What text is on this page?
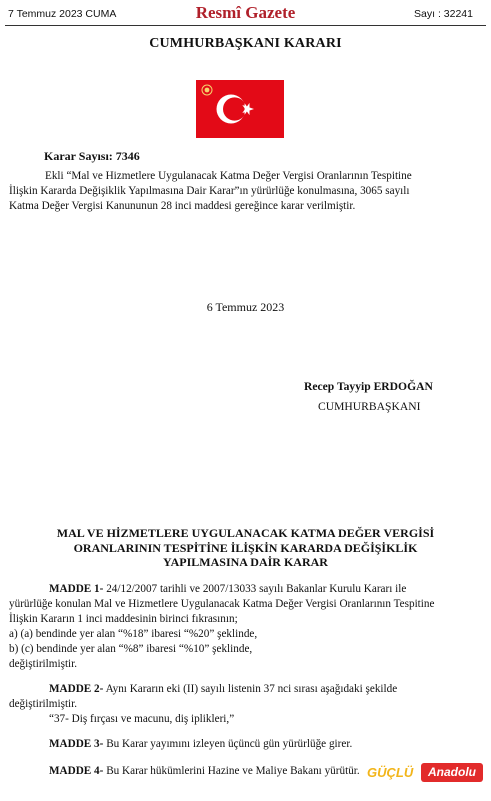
7 Temmuz 2023 CUMA	Resmî Gazete	Sayı : 32241
CUMHURBAŞKANI KARARI
Karar Sayısı: 7346
Ekli “Mal ve Hizmetlere Uygulanacak Katma Değer Vergisi Oranlarının Tespitine
İlişkin Kararda Değişiklik Yapılmasına Dair Karar”ın yürürlüğe konulmasına, 3065 sayılı
Katma Değer Vergisi Kanununun 28 inci maddesi gereğince karar verilmiştir.
6 Temmuz 2023
Recep Tayyip ERDOĞAN
CUMHURBAŞKANI
MAL VE HİZMETLERE UYGULANACAK KATMA DEĞER VERGİSİ
ORANLARININ TESPİTİNE İLİŞKİN KARARDA DEĞİŞİKLİK
YAPILMASINA DAİR KARAR
MADDE 1- 24/12/2007 tarihli ve 2007/13033 sayılı Bakanlar Kurulu Kararı ile
yürürlüğe konulan Mal ve Hizmetlere Uygulanacak Katma Değer Vergisi Oranlarının Tespitine
İlişkin Kararın 1 inci maddesinin birinci fıkrasının;
a) (a) bendinde yer alan “%18” ibaresi “%20” şeklinde,
b) (c) bendinde yer alan “%8” ibaresi “%10” şeklinde,
değiştirilmiştir.
MADDE 2- Aynı Kararın eki (II) sayılı listenin 37 nci sırası aşağıdaki şekilde
değiştirilmiştir.
“37- Diş fırçası ve macunu, diş iplikleri,”
MADDE 3- Bu Karar yayımını izleyen üçüncü gün yürürlüğe girer.
MADDE 4- Bu Karar hükümlerini Hazine ve Maliye Bakanı yürütür. GÜÇLÜ	Anadolu
